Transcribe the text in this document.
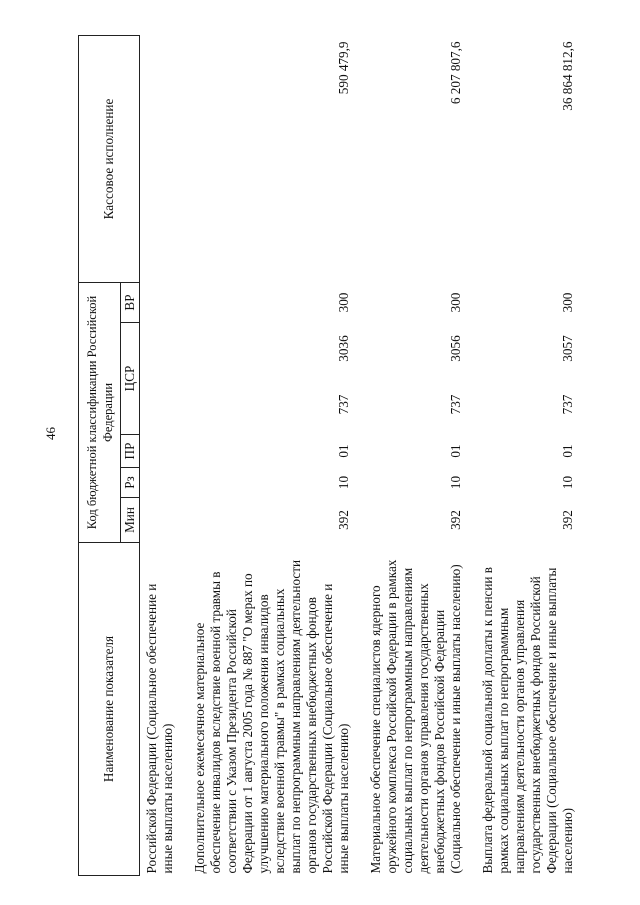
46
Наименование показателя	Код бюджетной классификации Российской Федерации						Кассовое исполнение
	Мин	Рз	ПР	ЦСР		ВР	
Российской Федерации (Социальное обеспечение и иные выплаты населению)							
Дополнительное ежемесячное материальное обеспечение инвалидов вследствие военной травмы в соответствии с Указом Президента Российской Федерации от 1 августа 2005 года № 887 "О мерах по улучшению материального положения инвалидов вследствие военной травмы" в рамках социальных выплат по непрограммным направлениям деятельности органов государственных внебюджетных фондов Российской Федерации (Социальное обеспечение и иные выплаты населению)	392	10	01	737	3036	300	590 479,9
Материальное обеспечение специалистов ядерного оружейного комплекса Российской Федерации в рамках социальных выплат по непрограммным направлениям деятельности органов управления государственных внебюджетных фондов Российской Федерации (Социальное обеспечение и иные выплаты населению)	392	10	01	737	3056	300	6 207 807,6
Выплата федеральной социальной доплаты к пенсии в рамках социальных выплат по непрограммным направлениям деятельности органов управления государственных внебюджетных фондов Российской Федерации (Социальное обеспечение и иные выплаты населению)	392	10	01	737	3057	300	36 864 812,6
